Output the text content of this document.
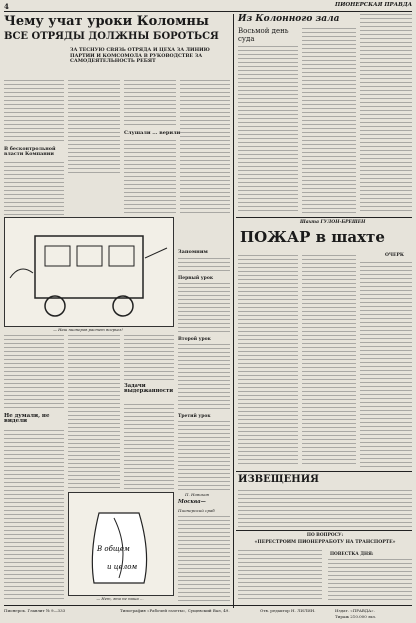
4	ПИОНЕРСКАЯ ПРАВДА
Чему учат уроки Коломны
ВСЕ ОТРЯДЫ ДОЛЖНЫ БОРОТЬСЯ
ЗА ТЕСНУЮ СВЯЗЬ ОТРЯДА И ЦЕХА ЗА ЛИНИЮ ПАРТИИ И КОМСОМОЛА В РУКОВОДСТВЕ ЗА САМОДЕЯТЕЛЬНОСТЬ РЕБЯТ
В бесконтрольной власти Компании
Слушали ... верили
— Наш пионеров растет всерьез!
Не думали, не видели
Задачи выдержанности
Запомним
Первый урок
Второй урок
Третий урок
П. Новиков
В общем
и целом
— Нет, это не наша ...
Москва—
Пионерский сраб
Из Колонного зала
Восьмой день суда
ПОЖАР в шахте
Шахта ГУЛОН-БРЕШЕН
ОЧЕРК
ИЗВЕЩЕНИЯ
ПО ВОПРОСУ:
«ПЕРЕСТРОИМ ПИОНЕРРАБОТУ НА ТРАНСПОРТЕ»
ПОВЕСТКА ДНЯ:
Пионерск. Главлит № 9—333	Типография «Рабочей газеты», Сущевский Вал, 49.	Отв. редактор Н. ЛИЛИН.	Издат. «ПРАВДА».
Тираж 210.000 экз.
